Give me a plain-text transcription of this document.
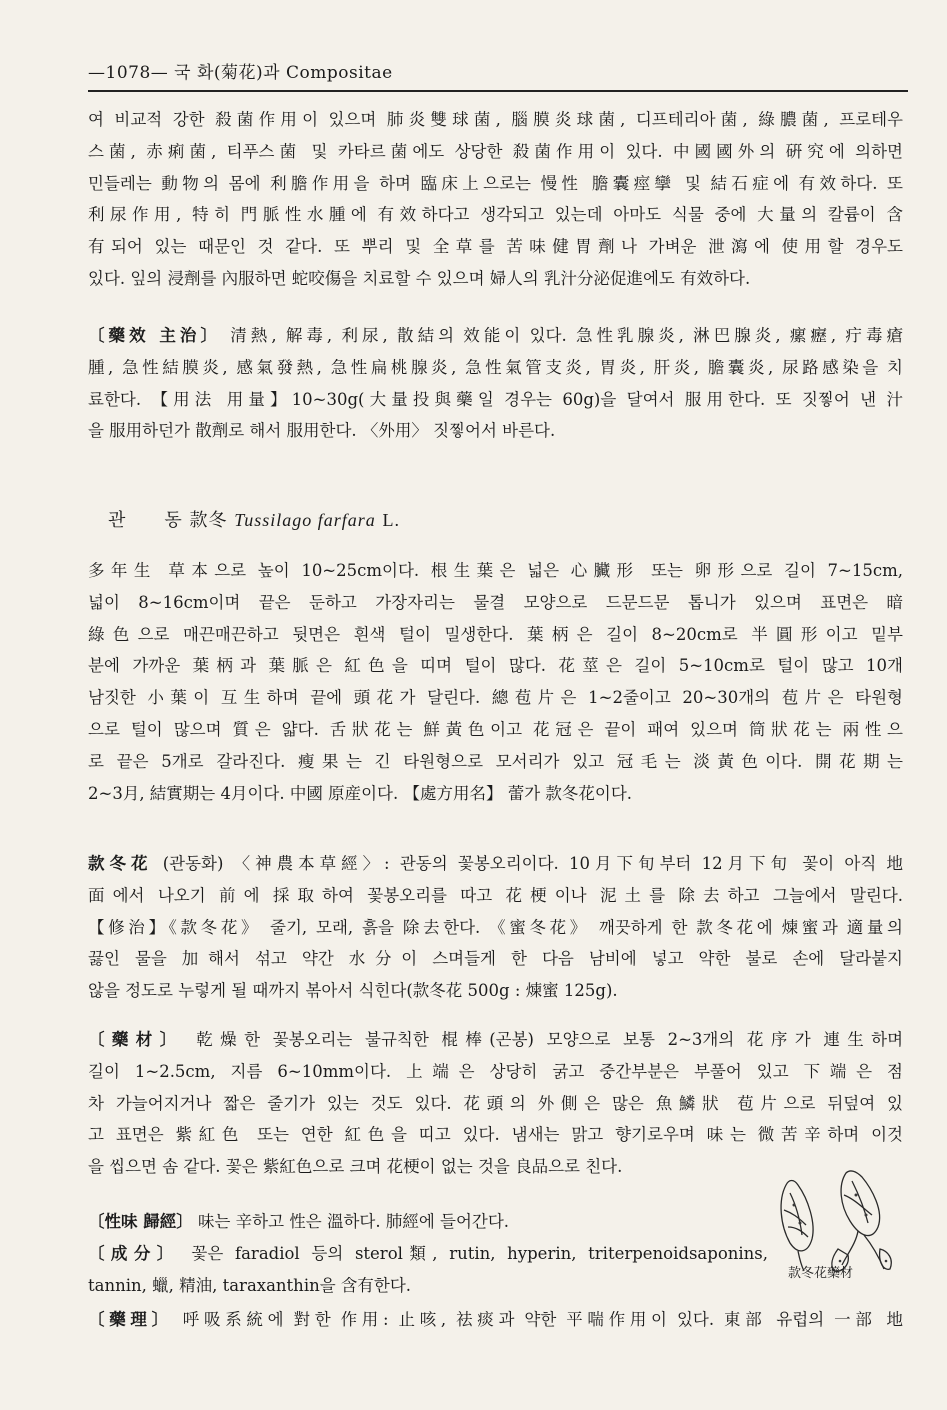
—1078— 국 화(菊花)과 Compositae
여 비교적 강한 殺菌作用이 있으며 肺炎雙球菌, 腦膜炎球菌, 디프테리아菌, 綠膿菌, 프로테우
스菌, 赤痢菌, 티푸스菌 및 카타르菌에도 상당한 殺菌作用이 있다. 中國國外의 硏究에 의하면
민들레는 動物의 몸에 利膽作用을 하며 臨床上으로는 慢性 膽囊痙攣 및 結石症에 有效하다. 또
利尿作用, 特히 門脈性水腫에 有效하다고 생각되고 있는데 아마도 식물 중에 大量의 칼륨이 含
有되어 있는 때문인 것 같다. 또 뿌리 및 全草를 苦味健胃劑나 가벼운 泄瀉에 使用할 경우도
있다. 잎의 浸劑를 內服하면 蛇咬傷을 치료할 수 있으며 婦人의 乳汁分泌促進에도 有效하다.
〔藥效 主治〕 清熱, 解毒, 利尿, 散結의 效能이 있다. 急性乳腺炎, 淋巴腺炎, 瘰癧, 疔毒瘡
腫, 急性結膜炎, 感氣發熱, 急性扁桃腺炎, 急性氣管支炎, 胃炎, 肝炎, 膽囊炎, 尿路感染을 치
료한다. 【用法 用量】10~30g(大量投與藥일 경우는 60g)을 달여서 服用한다. 또 짓찧어 낸 汁
을 服用하던가 散劑로 해서 服用한다. 〈外用〉 짓찧어서 바른다.
관 동 款冬 Tussilago farfara L.
多年生 草本으로 높이 10~25cm이다. 根生葉은 넓은 心臟形 또는 卵形으로 길이 7~15cm,
넓이 8~16cm이며 끝은 둔하고 가장자리는 물결 모양으로 드문드문 톱니가 있으며 표면은 暗
綠色으로 매끈매끈하고 뒷면은 흰색 털이 밀생한다. 葉柄은 길이 8~20cm로 半圓形이고 밑부
분에 가까운 葉柄과 葉脈은 紅色을 띠며 털이 많다. 花莖은 길이 5~10cm로 털이 많고 10개
남짓한 小葉이 互生하며 끝에 頭花가 달린다. 總苞片은 1~2줄이고 20~30개의 苞片은 타원형
으로 털이 많으며 質은 얇다. 舌狀花는 鮮黃色이고 花冠은 끝이 패여 있으며 筒狀花는 兩性으
로 끝은 5개로 갈라진다. 瘦果는 긴 타원형으로 모서리가 있고 冠毛는 淡黃色이다. 開花期는
2~3月, 結實期는 4月이다. 中國 原産이다. 【處方用名】 蕾가 款冬花이다.
款冬花 (관동화) 〈神農本草經〉: 관동의 꽃봉오리이다. 10月下旬부터 12月下旬 꽃이 아직 地
面에서 나오기 前에 採取하여 꽃봉오리를 따고 花梗이나 泥土를 除去하고 그늘에서 말린다.
【修治】《款冬花》 줄기, 모래, 흙을 除去한다. 《蜜冬花》 깨끗하게 한 款冬花에 煉蜜과 適量의
끓인 물을 加해서 섞고 약간 水分이 스며들게 한 다음 남비에 넣고 약한 불로 손에 달라붙지
않을 정도로 누렇게 될 때까지 볶아서 식힌다(款冬花 500g : 煉蜜 125g).
〔藥材〕 乾燥한 꽃봉오리는 불규칙한 棍棒(곤봉) 모양으로 보통 2~3개의 花序가 連生하며
길이 1~2.5cm, 지름 6~10mm이다. 上端은 상당히 굵고 중간부분은 부풀어 있고 下端은 점
차 가늘어지거나 짧은 줄기가 있는 것도 있다. 花頭의 外側은 많은 魚鱗狀 苞片으로 뒤덮여 있
고 표면은 紫紅色 또는 연한 紅色을 띠고 있다. 냄새는 맑고 향기로우며 味는 微苦辛하며 이것
을 씹으면 솜 같다. 꽃은 紫紅色으로 크며 花梗이 없는 것을 良品으로 친다.
〔性味 歸經〕 味는 辛하고 性은 溫하다. 肺經에 들어간다.
〔成分〕 꽃은 faradiol 등의 sterol類, rutin, hyperin, triterpenoidsaponins,
tannin, 蠟, 精油, taraxanthin을 含有한다.
〔藥理〕 呼吸系統에 對한 作用: 止咳, 祛痰과 약한 平喘作用이 있다. 東部 유럽의 一部 地
款冬花藥材
